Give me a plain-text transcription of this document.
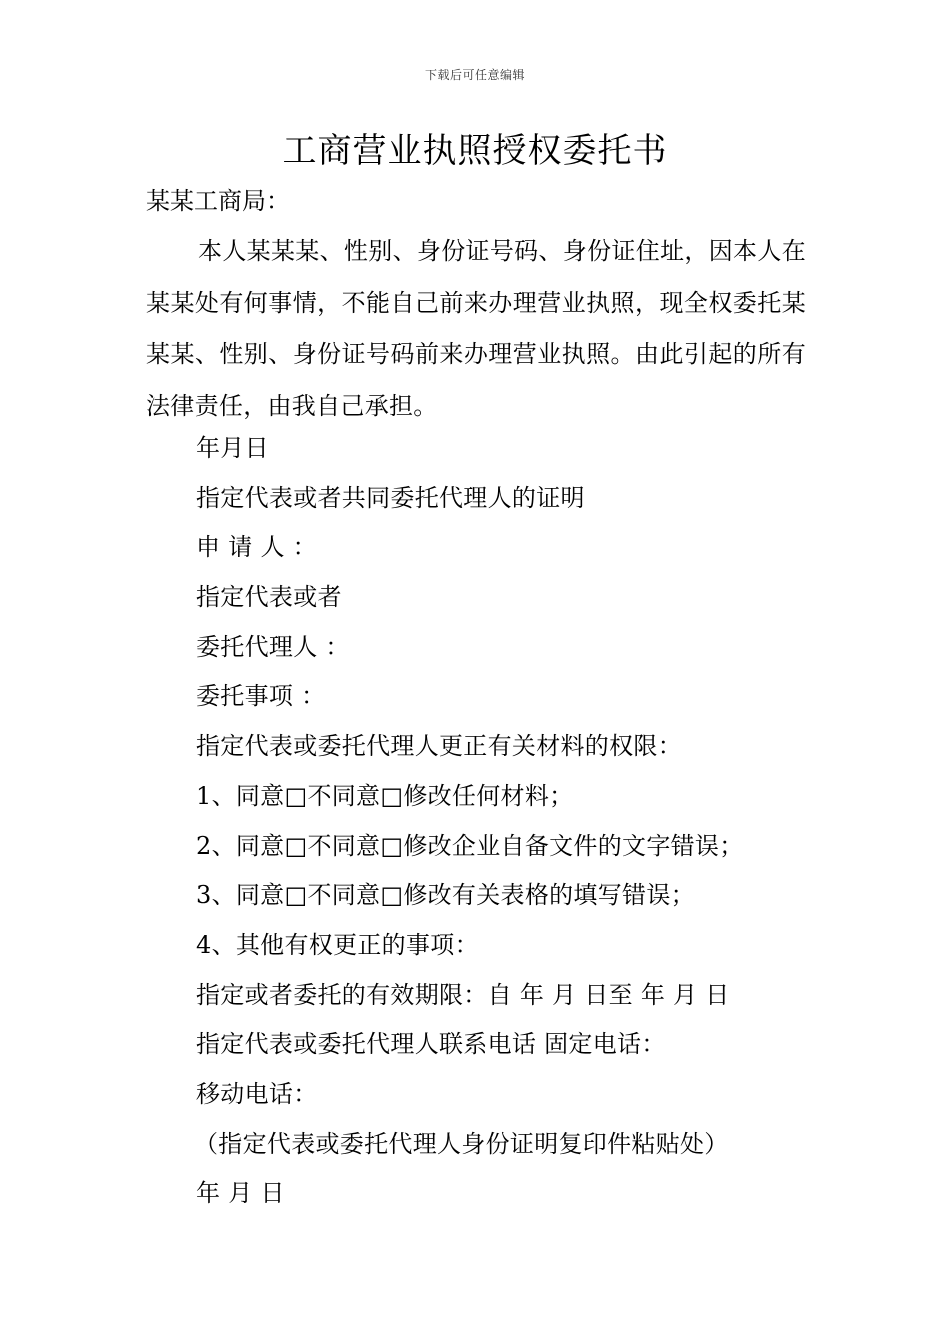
下载后可任意编辑
工商营业执照授权委托书
某某工商局：
本人某某某、性别、身份证号码、身份证住址，因本人在某某处有何事情，不能自己前来办理营业执照，现全权委托某某某、性别、身份证号码前来办理营业执照。由此引起的所有法律责任，由我自己承担。
年月日
指定代表或者共同委托代理人的证明
申 请 人 ：
指定代表或者
委托代理人 ：
委托事项 ：
指定代表或委托代理人更正有关材料的权限：
1、同意□不同意□修改任何材料；
2、同意□不同意□修改企业自备文件的文字错误；
3、同意□不同意□修改有关表格的填写错误；
4、其他有权更正的事项：
指定或者委托的有效期限：自 年 月 日至 年 月 日
指定代表或委托代理人联系电话 固定电话：
移动电话：
（指定代表或委托代理人身份证明复印件粘贴处）
年 月 日
